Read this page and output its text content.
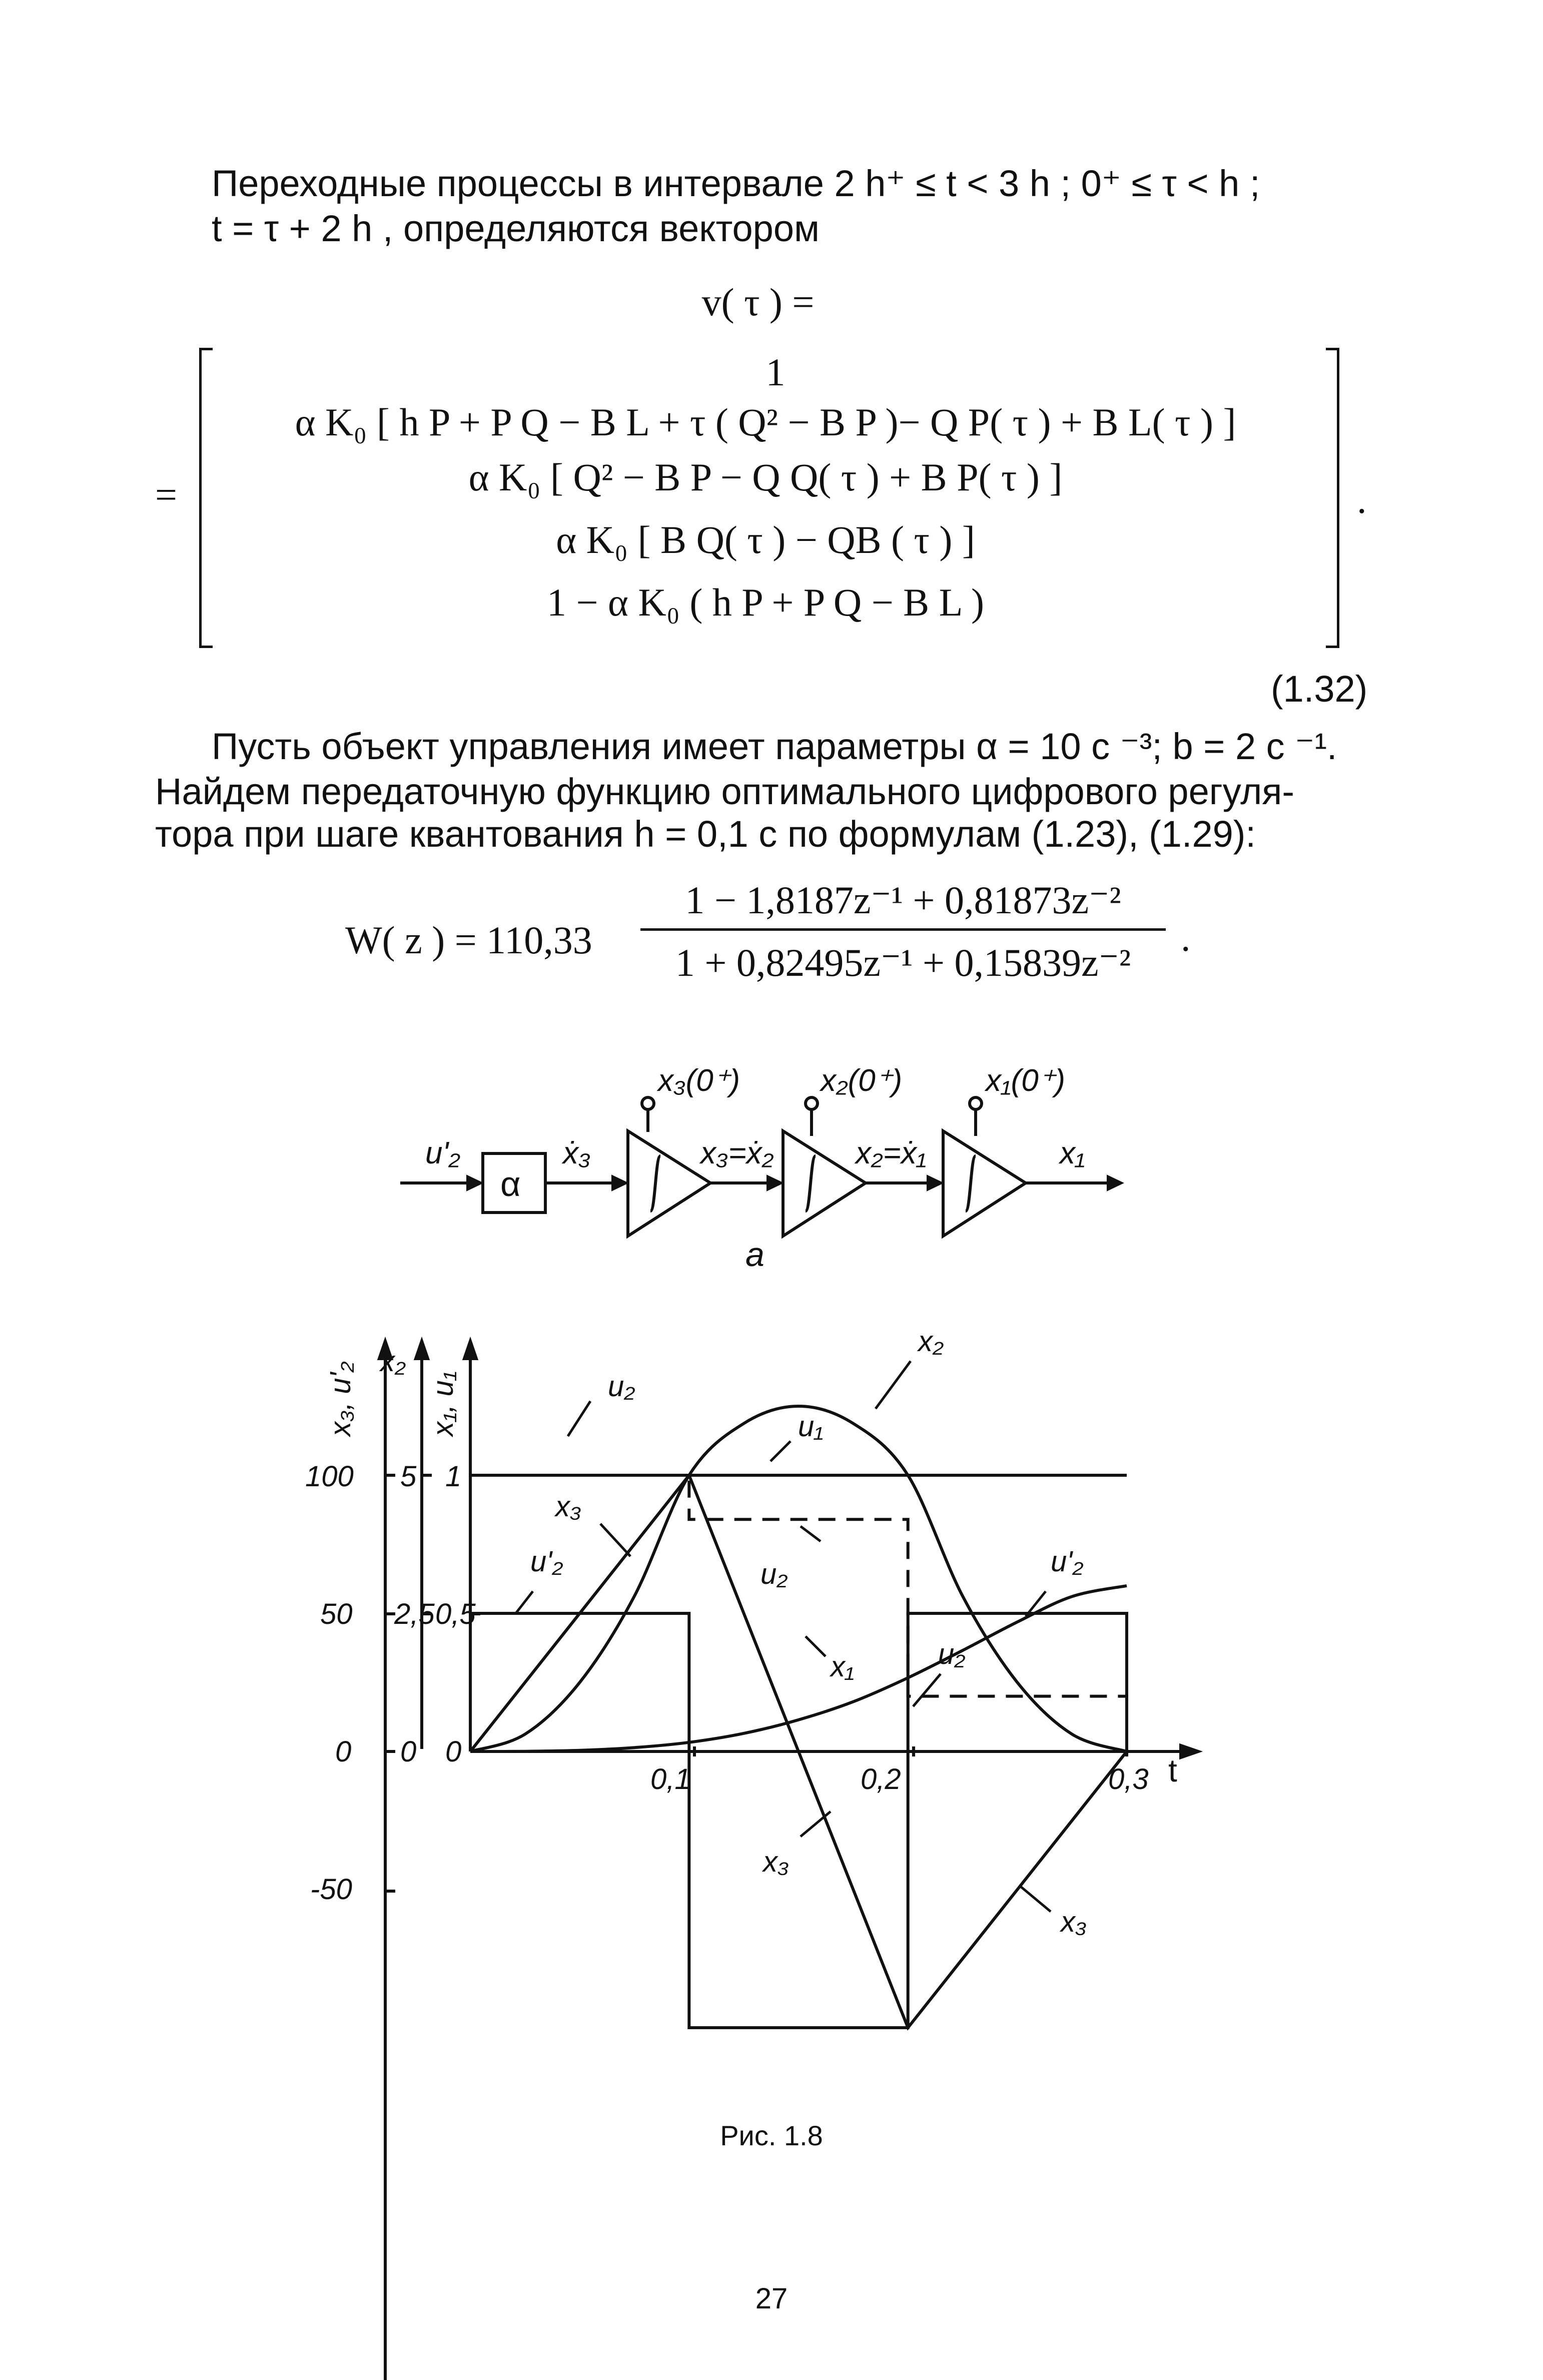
Переходные процессы в интервале 2 h⁺ ≤ t < 3 h ; 0⁺ ≤ τ < h ;
t = τ + 2 h , определяются вектором
v( τ ) =
=
1
α K₀ [ h P + P Q − B L + τ ( Q² − B P )− Q P( τ ) + B L( τ ) ]
α K₀ [ Q² − B P − Q Q( τ ) + B P( τ ) ]
α K₀ [ B Q( τ ) − QB ( τ ) ]
1 − α K₀ ( h P + P Q − B L )
.
(1.32)
Пусть объект управления имеет параметры α = 10 с ⁻³; b = 2 с ⁻¹.
Найдем передаточную функцию оптимального цифрового регуля-
тора при шаге квантования h = 0,1 с по формулам (1.23), (1.29):
W( z ) = 110,33
1 − 1,8187z⁻¹ + 0,81873z⁻²
1 + 0,82495z⁻¹ + 0,15839z⁻²
.
u'₂
α
ẋ₃
x₃(0⁺)	x₂(0⁺)	x₁(0⁺)
x₃=ẋ₂	x₂=ẋ₁	x₁
a
x₃, u'₂ x₂
x₁, u₁
t
100
50
0
-50
5
2,5
0
1
0,5
0
0,1	0,2	0,3
u₂
u₁
x₂
x₃
u'₂	u₂
x₁
u'₂
u₂
x₃
x₃
Рис. 1.8
27
